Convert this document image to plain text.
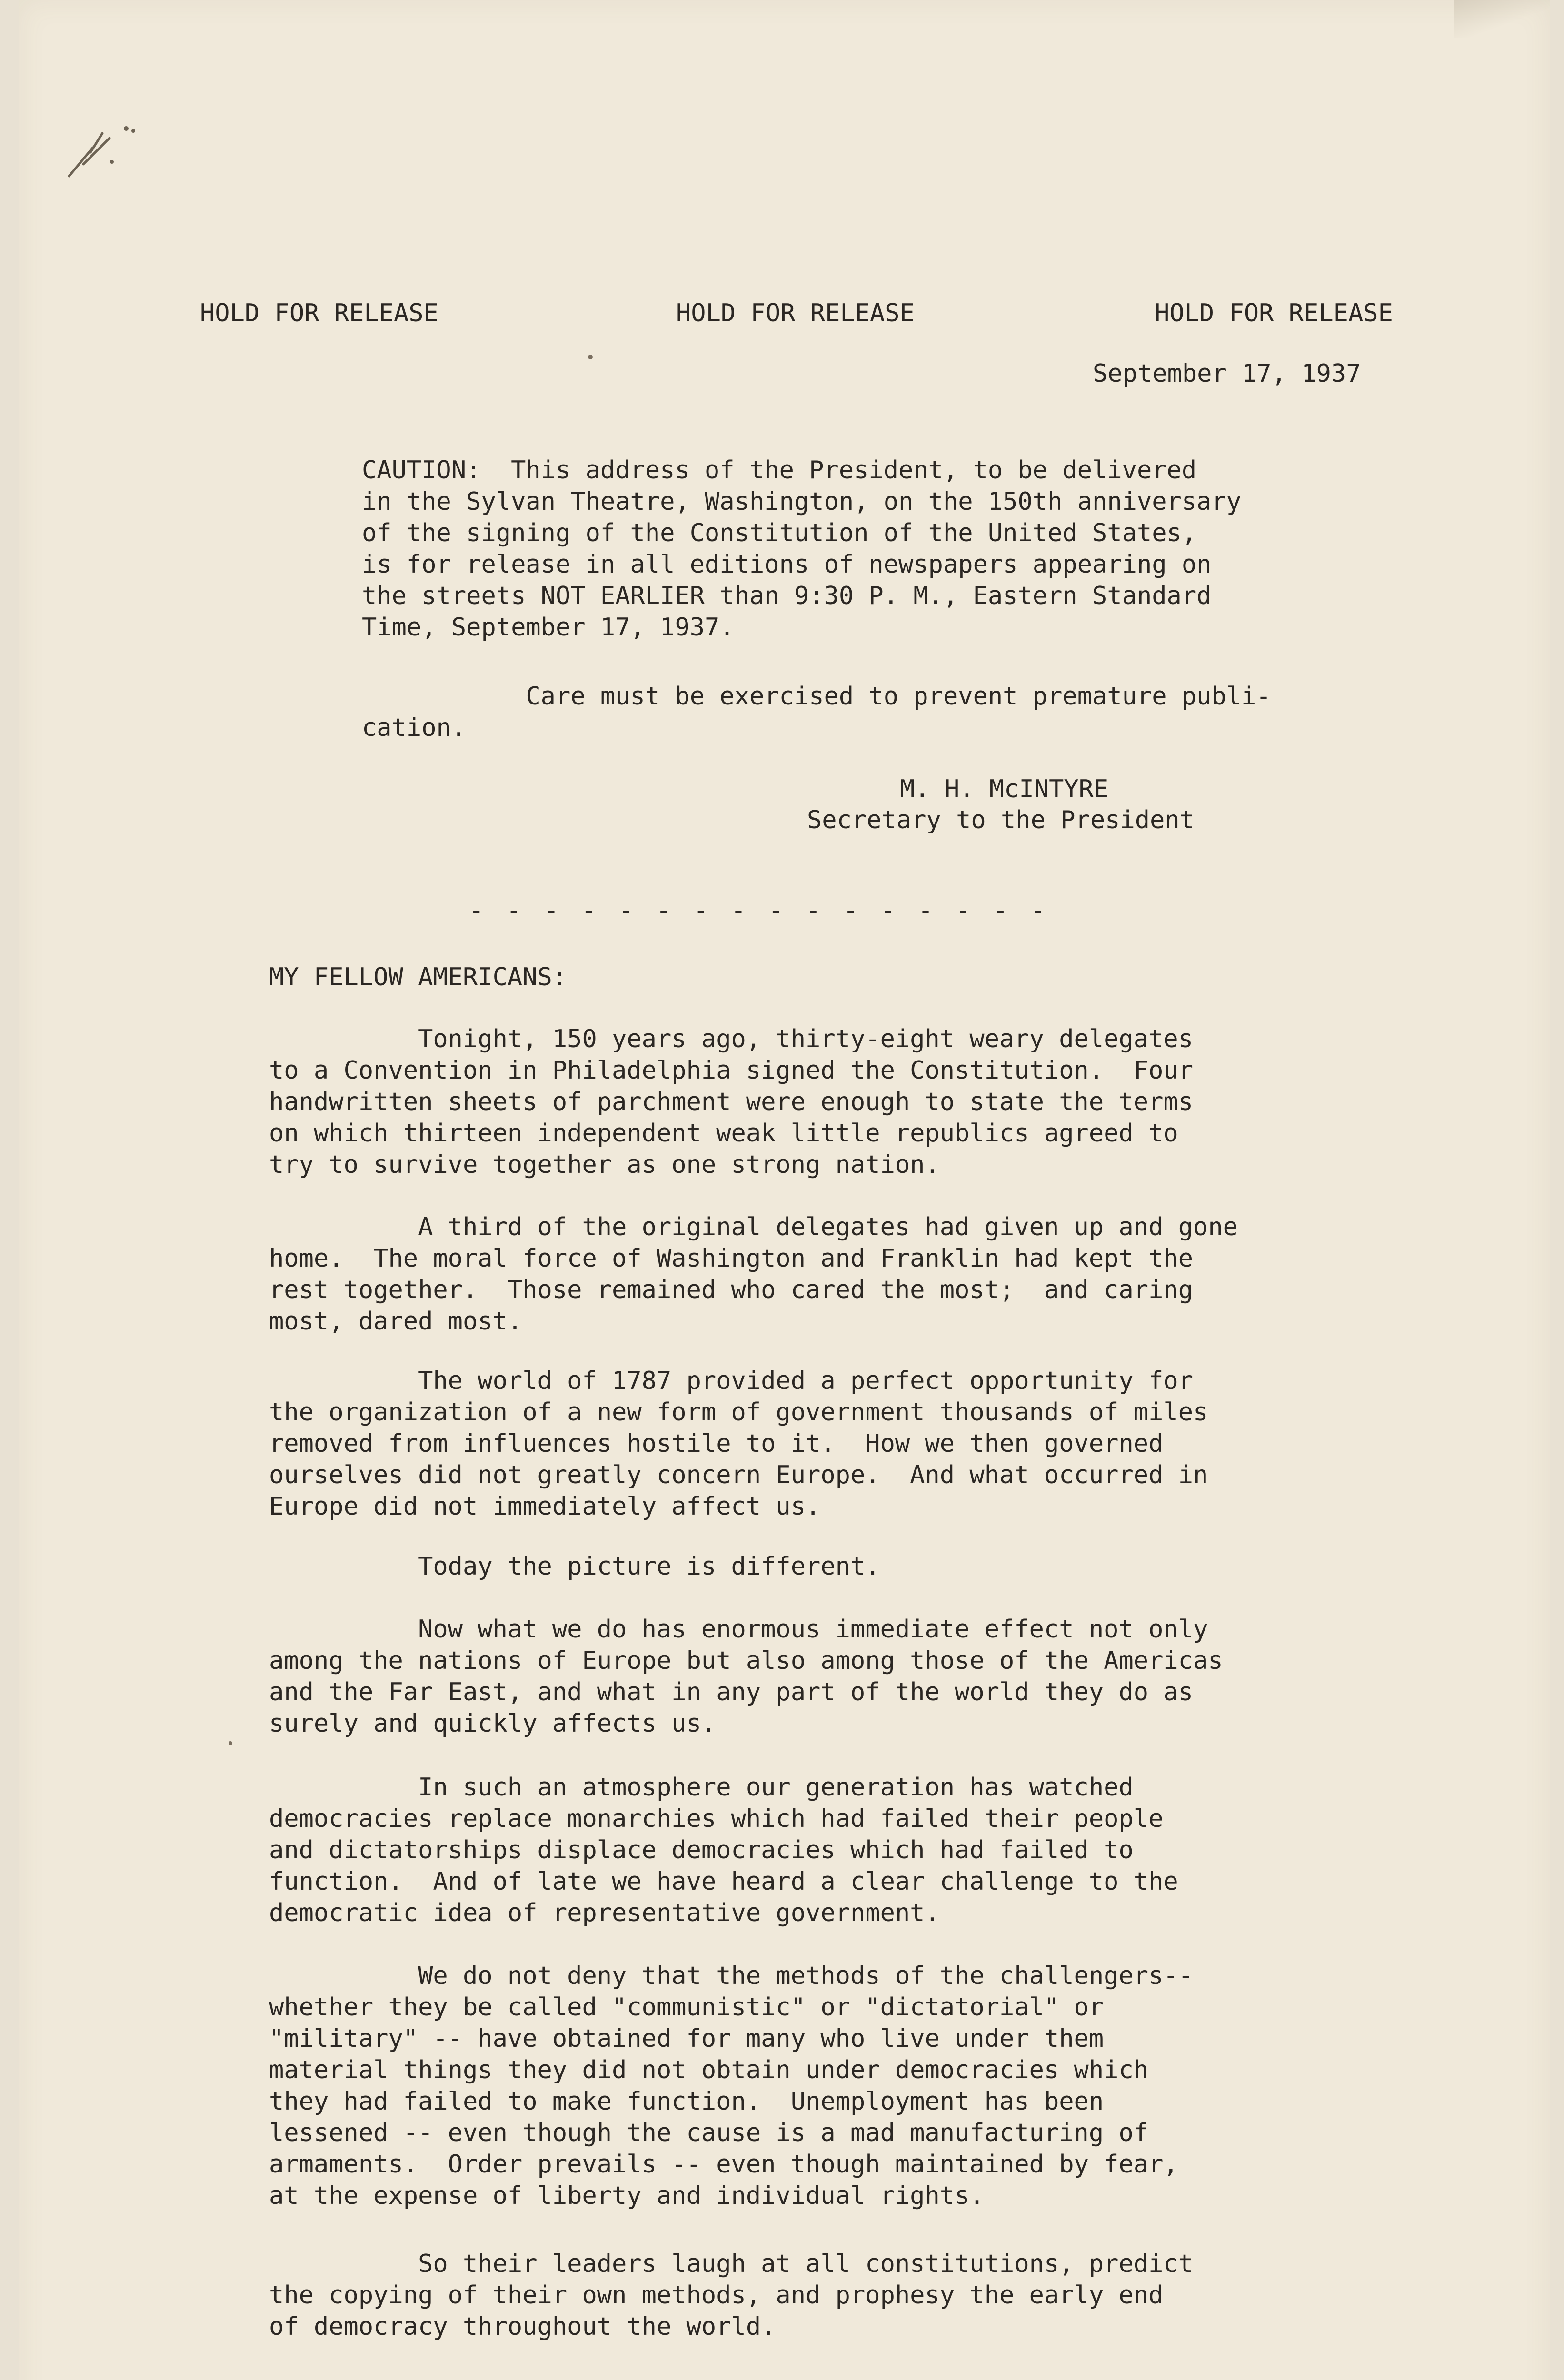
HOLD FOR RELEASE	HOLD FOR RELEASE	HOLD FOR RELEASE
September 17, 1937
CAUTION:  This address of the President, to be delivered
in the Sylvan Theatre, Washington, on the 150th anniversary
of the signing of the Constitution of the United States,
is for release in all editions of newspapers appearing on
the streets NOT EARLIER than 9:30 P. M., Eastern Standard
Time, September 17, 1937.
Care must be exercised to prevent premature publi-
cation.
M. H. McINTYRE
Secretary to the President
- - - - - - - - - - - - - - - -
MY FELLOW AMERICANS:
Tonight, 150 years ago, thirty-eight weary delegates
to a Convention in Philadelphia signed the Constitution.  Four
handwritten sheets of parchment were enough to state the terms
on which thirteen independent weak little republics agreed to
try to survive together as one strong nation.
A third of the original delegates had given up and gone
home.  The moral force of Washington and Franklin had kept the
rest together.  Those remained who cared the most;  and caring
most, dared most.
The world of 1787 provided a perfect opportunity for
the organization of a new form of government thousands of miles
removed from influences hostile to it.  How we then governed
ourselves did not greatly concern Europe.  And what occurred in
Europe did not immediately affect us.
Today the picture is different.
Now what we do has enormous immediate effect not only
among the nations of Europe but also among those of the Americas
and the Far East, and what in any part of the world they do as
surely and quickly affects us.
In such an atmosphere our generation has watched
democracies replace monarchies which had failed their people
and dictatorships displace democracies which had failed to
function.  And of late we have heard a clear challenge to the
democratic idea of representative government.
We do not deny that the methods of the challengers--
whether they be called "communistic" or "dictatorial" or
"military" -- have obtained for many who live under them
material things they did not obtain under democracies which
they had failed to make function.  Unemployment has been
lessened -- even though the cause is a mad manufacturing of
armaments.  Order prevails -- even though maintained by fear,
at the expense of liberty and individual rights.
So their leaders laugh at all constitutions, predict
the copying of their own methods, and prophesy the early end
of democracy throughout the world.
